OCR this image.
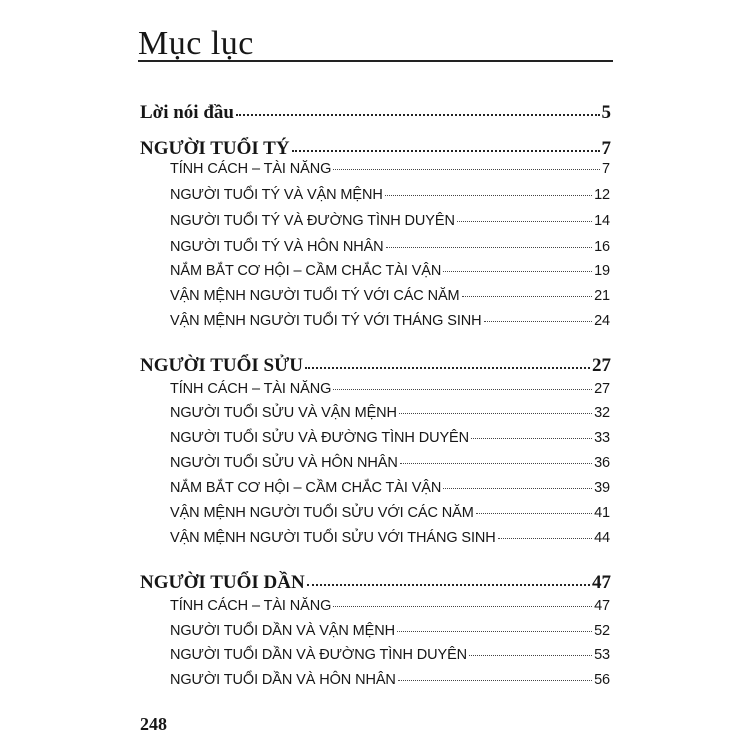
Mục lục
Lời nói đầu	5
NGƯỜI TUỔI TÝ	7
TÍNH CÁCH – TÀI NĂNG	7
NGƯỜI TUỔI TÝ VÀ VẬN MỆNH	12
NGƯỜI TUỔI TÝ VÀ ĐƯỜNG TÌNH DUYÊN	14
NGƯỜI TUỔI TÝ VÀ HÔN NHÂN	16
NẮM BẮT CƠ HỘI – CẦM CHẮC TÀI VẬN	19
VẬN MỆNH NGƯỜI TUỔI TÝ VỚI CÁC NĂM	21
VẬN MỆNH NGƯỜI TUỔI TÝ VỚI THÁNG SINH	24
NGƯỜI TUỔI SỬU	27
TÍNH CÁCH – TÀI NĂNG	27
NGƯỜI TUỔI SỬU VÀ VẬN MỆNH	32
NGƯỜI TUỔI SỬU VÀ ĐƯỜNG TÌNH DUYÊN	33
NGƯỜI TUỔI SỬU VÀ HÔN NHÂN	36
NẮM BẮT CƠ HỘI – CẦM CHẮC TÀI VẬN	39
VẬN MỆNH NGƯỜI TUỔI SỬU VỚI CÁC NĂM	41
VẬN MỆNH NGƯỜI TUỔI SỬU VỚI THÁNG SINH	44
NGƯỜI TUỔI DẦN	47
TÍNH CÁCH – TÀI NĂNG	47
NGƯỜI TUỔI DẦN VÀ VẬN MỆNH	52
NGƯỜI TUỔI DẦN VÀ ĐƯỜNG TÌNH DUYÊN	53
NGƯỜI TUỔI DẦN VÀ HÔN NHÂN	56
248
